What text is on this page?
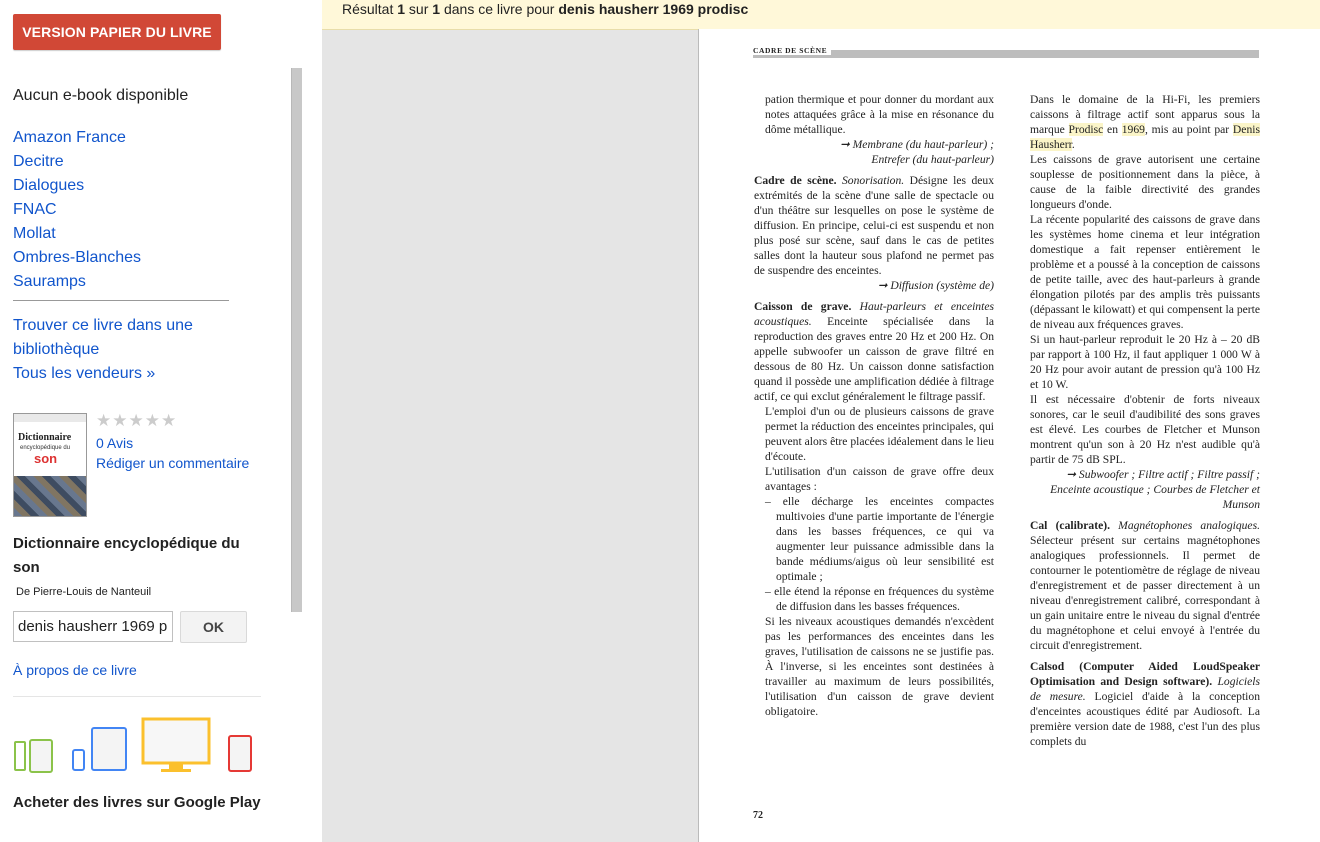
VERSION PAPIER DU LIVRE
Aucun e-book disponible
Amazon France
Decitre
Dialogues
FNAC
Mollat
Ombres-Blanches
Sauramps
Trouver ce livre dans une bibliothèque
Tous les vendeurs »
Dictionnaire
encyclopédique du
son
★★★★★
0 Avis
Rédiger un commentaire
Dictionnaire encyclopédique du son
De Pierre-Louis de Nanteuil
denis hausherr 1969 prodisc
OK
À propos de ce livre
Acheter des livres sur Google Play
Résultat 1 sur 1 dans ce livre pour denis hausherr 1969 prodisc
CADRE DE SCÈNE

pation thermique et pour donner du mordant aux notes attaquées grâce à la mise en résonance du dôme métallique.

➞ Membrane (du haut-parleur) ;

Entrefer (du haut-parleur)

Cadre de scène. Sonorisation. Désigne les deux extrémités de la scène d'une salle de spectacle ou d'un théâtre sur lesquelles on pose le système de diffusion. En principe, celui-ci est suspendu et non plus posé sur scène, sauf dans le cas de petites salles dont la hauteur sous plafond ne permet pas de suspendre des enceintes.

➞ Diffusion (système de)

Caisson de grave. Haut-parleurs et enceintes acoustiques. Enceinte spécialisée dans la reproduction des graves entre 20 Hz et 200 Hz. On appelle subwoofer un caisson de grave filtré en dessous de 80 Hz. Un caisson donne satisfaction quand il possède une amplification dédiée à filtrage actif, ce qui exclut généralement le filtrage passif.

L'emploi d'un ou de plusieurs caissons de grave permet la réduction des enceintes principales, qui peuvent alors être placées idéalement dans le lieu d'écoute.

L'utilisation d'un caisson de grave offre deux avantages :

– elle décharge les enceintes compactes multivoies d'une partie importante de l'énergie dans les basses fréquences, ce qui va augmenter leur puissance admissible dans la bande médiums/aigus où leur sensibilité est optimale ;

– elle étend la réponse en fréquences du système de diffusion dans les basses fréquences.

Si les niveaux acoustiques demandés n'excèdent pas les performances des enceintes dans les graves, l'utilisation de caissons ne se justifie pas. À l'inverse, si les enceintes sont destinées à travailler au maximum de leurs possibilités, l'utilisation d'un caisson de grave devient obligatoire.

Dans le domaine de la Hi-Fi, les premiers caissons à filtrage actif sont apparus sous la marque Prodisc en 1969, mis au point par Denis Hausherr.

Les caissons de grave autorisent une certaine souplesse de positionnement dans la pièce, à cause de la faible directivité des grandes longueurs d'onde.

La récente popularité des caissons de grave dans les systèmes home cinema et leur intégration domestique a fait repenser entièrement le problème et a poussé à la conception de caissons de petite taille, avec des haut-parleurs à grande élongation pilotés par des amplis très puissants (dépassant le kilowatt) et qui compensent la perte de niveau aux fréquences graves.

Si un haut-parleur reproduit le 20 Hz à – 20 dB par rapport à 100 Hz, il faut appliquer 1 000 W à 20 Hz pour avoir autant de pression qu'à 100 Hz et 10 W.

Il est nécessaire d'obtenir de forts niveaux sonores, car le seuil d'audibilité des sons graves est élevé. Les courbes de Fletcher et Munson montrent qu'un son à 20 Hz n'est audible qu'à partir de 75 dB SPL.

➞ Subwoofer ; Filtre actif ; Filtre passif ; Enceinte acoustique ; Courbes de Fletcher et Munson

Cal (calibrate). Magnétophones analogiques. Sélecteur présent sur certains magnétophones analogiques professionnels. Il permet de contourner le potentiomètre de réglage de niveau d'enregistrement et de passer directement à un niveau d'enregistrement calibré, correspondant à un gain unitaire entre le niveau du signal d'entrée du magnétophone et celui envoyé à l'entrée du circuit d'enregistrement.

Calsod (Computer Aided LoudSpeaker Optimisation and Design software). Logiciels de mesure. Logiciel d'aide à la conception d'enceintes acoustiques édité par Audiosoft. La première version date de 1988, c'est l'un des plus complets du

72
